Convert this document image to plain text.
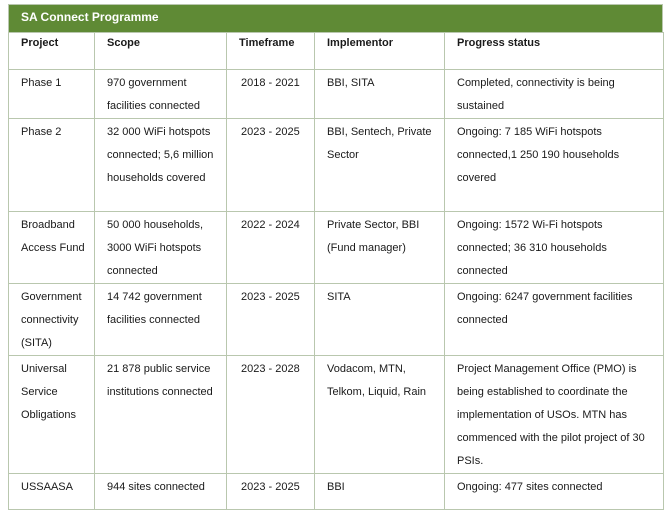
SA Connect Programme
Project	Scope	Timeframe	Implementor	Progress status
Phase 1	970 government facilities connected	2018 - 2021	BBI, SITA	Completed, connectivity is being sustained
Phase 2	32 000 WiFi hotspots connected; 5,6 million households covered	2023 - 2025	BBI, Sentech, Private Sector	Ongoing: 7 185 WiFi hotspots connected,1 250 190 households covered
Broadband Access Fund	50 000 households, 3000 WiFi hotspots connected	2022 - 2024	Private Sector, BBI (Fund manager)	Ongoing: 1572 Wi-Fi hotspots connected; 36 310 households connected
Government connectivity (SITA)	14 742 government facilities connected	2023 - 2025	SITA	Ongoing: 6247 government facilities connected
Universal Service Obligations	21 878 public service institutions connected	2023 - 2028	Vodacom, MTN, Telkom, Liquid, Rain	Project Management Office (PMO) is being established to coordinate the implementation of USOs. MTN has commenced with the pilot project of 30 PSIs.
USSAASA	944 sites connected	2023 - 2025	BBI	Ongoing: 477 sites connected
